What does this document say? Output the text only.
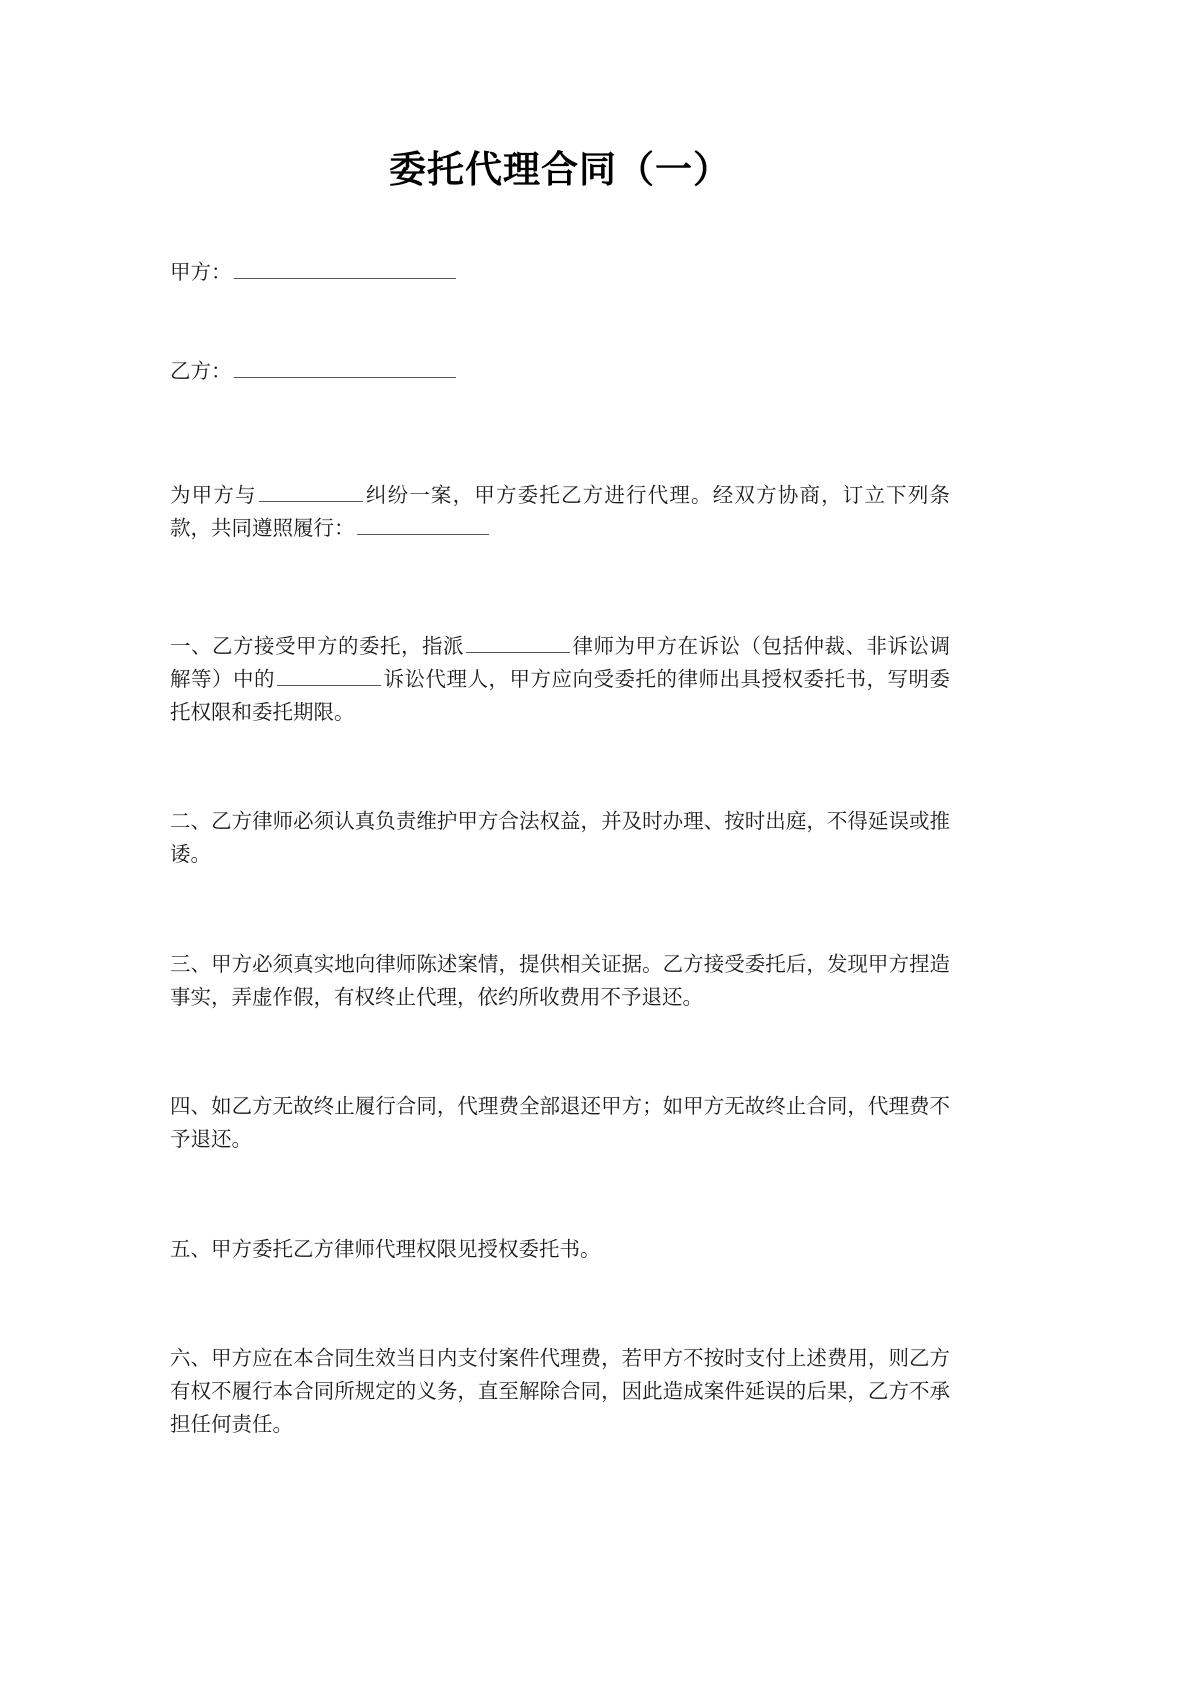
委托代理合同（一）

甲方：

乙方：

为甲方与	纠纷一案，甲方委托乙方进行代理。经双方协商，订立下列条款，共同遵照履行：

一、乙方接受甲方的委托，指派	律师为甲方在诉讼（包括仲裁、非诉讼调解等）中的	诉讼代理人，甲方应向受委托的律师出具授权委托书，写明委托权限和委托期限。

二、乙方律师必须认真负责维护甲方合法权益，并及时办理、按时出庭，不得延误或推诿。

三、甲方必须真实地向律师陈述案情，提供相关证据。乙方接受委托后，发现甲方捏造事实，弄虚作假，有权终止代理，依约所收费用不予退还。

四、如乙方无故终止履行合同，代理费全部退还甲方；如甲方无故终止合同，代理费不予退还。

五、甲方委托乙方律师代理权限见授权委托书。

六、甲方应在本合同生效当日内支付案件代理费，若甲方不按时支付上述费用，则乙方有权不履行本合同所规定的义务，直至解除合同，因此造成案件延误的后果，乙方不承担任何责任。
